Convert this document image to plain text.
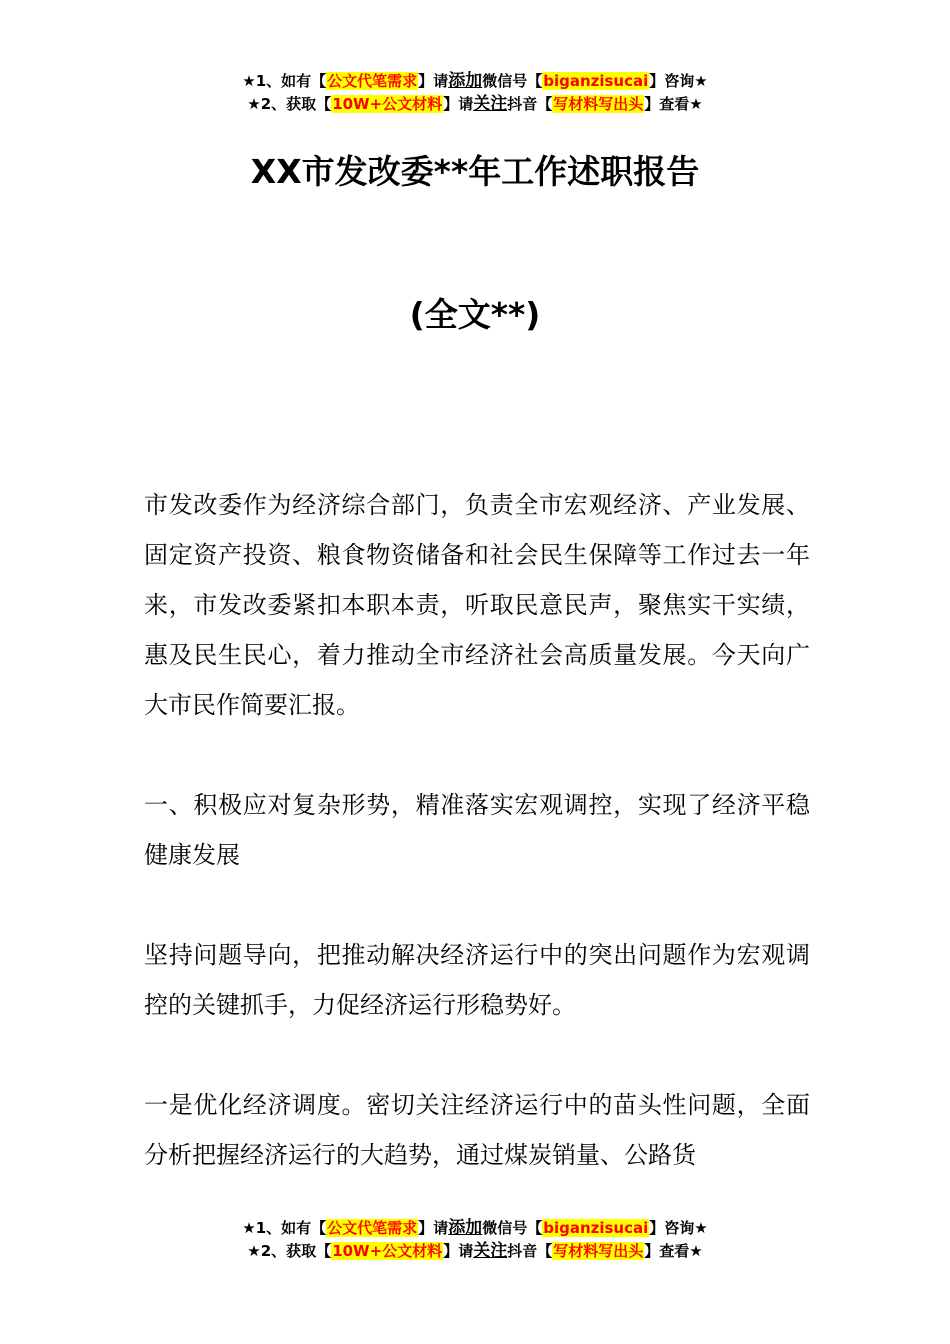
★1、如有【公文代笔需求】请添加微信号【biganzisucai】咨询★
★2、获取【10W+公文材料】请关注抖音【写材料写出头】查看★
XX市发改委**年工作述职报告
(全文**)

市发改委作为经济综合部门，负责全市宏观经济、产业发展、固定资产投资、粮食物资储备和社会民生保障等工作过去一年来，市发改委紧扣本职本责，听取民意民声，聚焦实干实绩，惠及民生民心，着力推动全市经济社会高质量发展。今天向广大市民作简要汇报。

一、积极应对复杂形势，精准落实宏观调控，实现了经济平稳健康发展

坚持问题导向，把推动解决经济运行中的突出问题作为宏观调控的关键抓手，力促经济运行形稳势好。

一是优化经济调度。密切关注经济运行中的苗头性问题，全面分析把握经济运行的大趋势，通过煤炭销量、公路货

★1、如有【公文代笔需求】请添加微信号【biganzisucai】咨询★
★2、获取【10W+公文材料】请关注抖音【写材料写出头】查看★
